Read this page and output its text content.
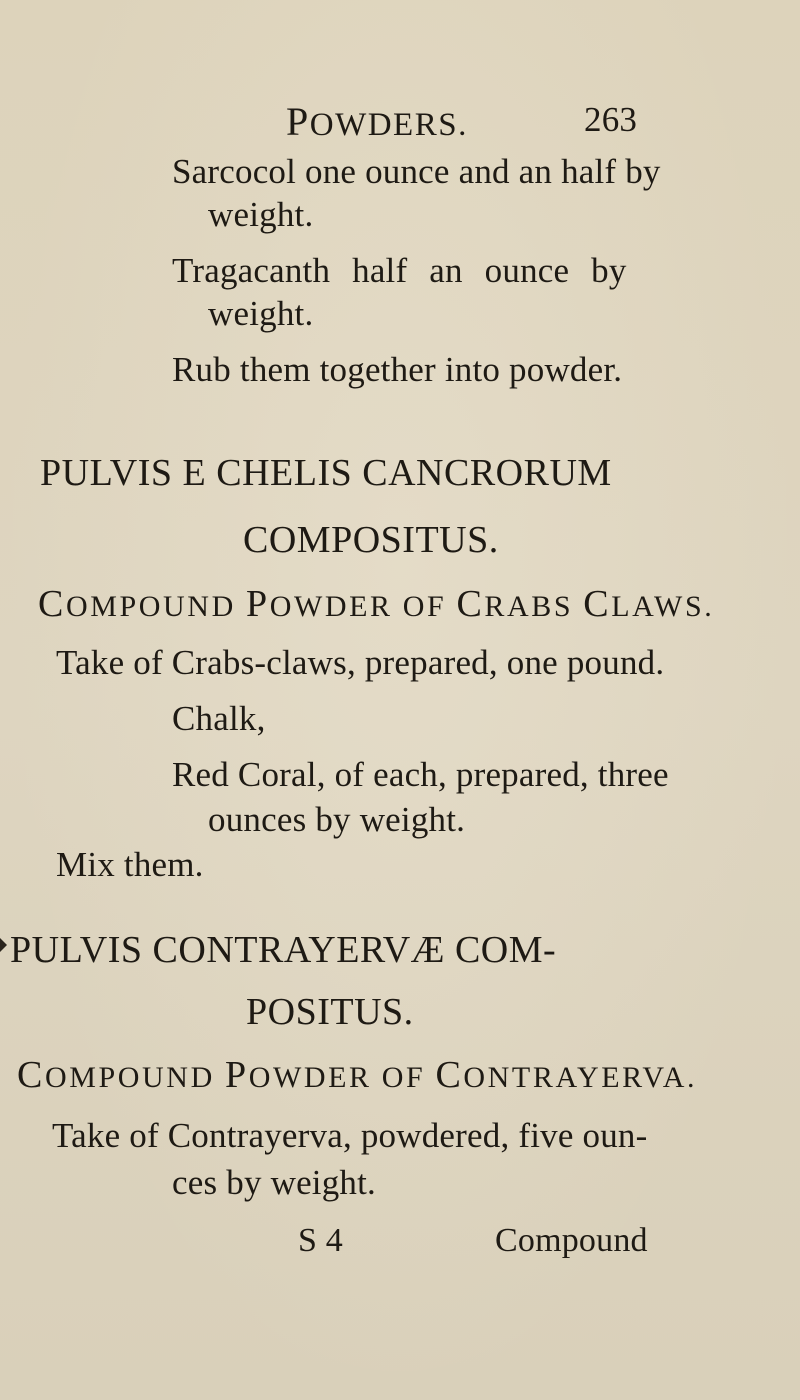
POWDERS.	263
Sarcocol one ounce and an half by
weight.
Tragacanth half an ounce by
weight.
Rub them together into powder.
PULVIS E CHELIS CANCRORUM
COMPOSITUS.
COMPOUND POWDER OF CRABS CLAWS.
Take of Crabs-claws, prepared, one pound.
Chalk,
Red Coral, of each, prepared, three
ounces by weight.
Mix them.
PULVIS CONTRAYERVÆ COM-
POSITUS.
COMPOUND POWDER OF CONTRAYERVA.
Take of Contrayerva, powdered, five oun-
ces by weight.
S 4	Compound
